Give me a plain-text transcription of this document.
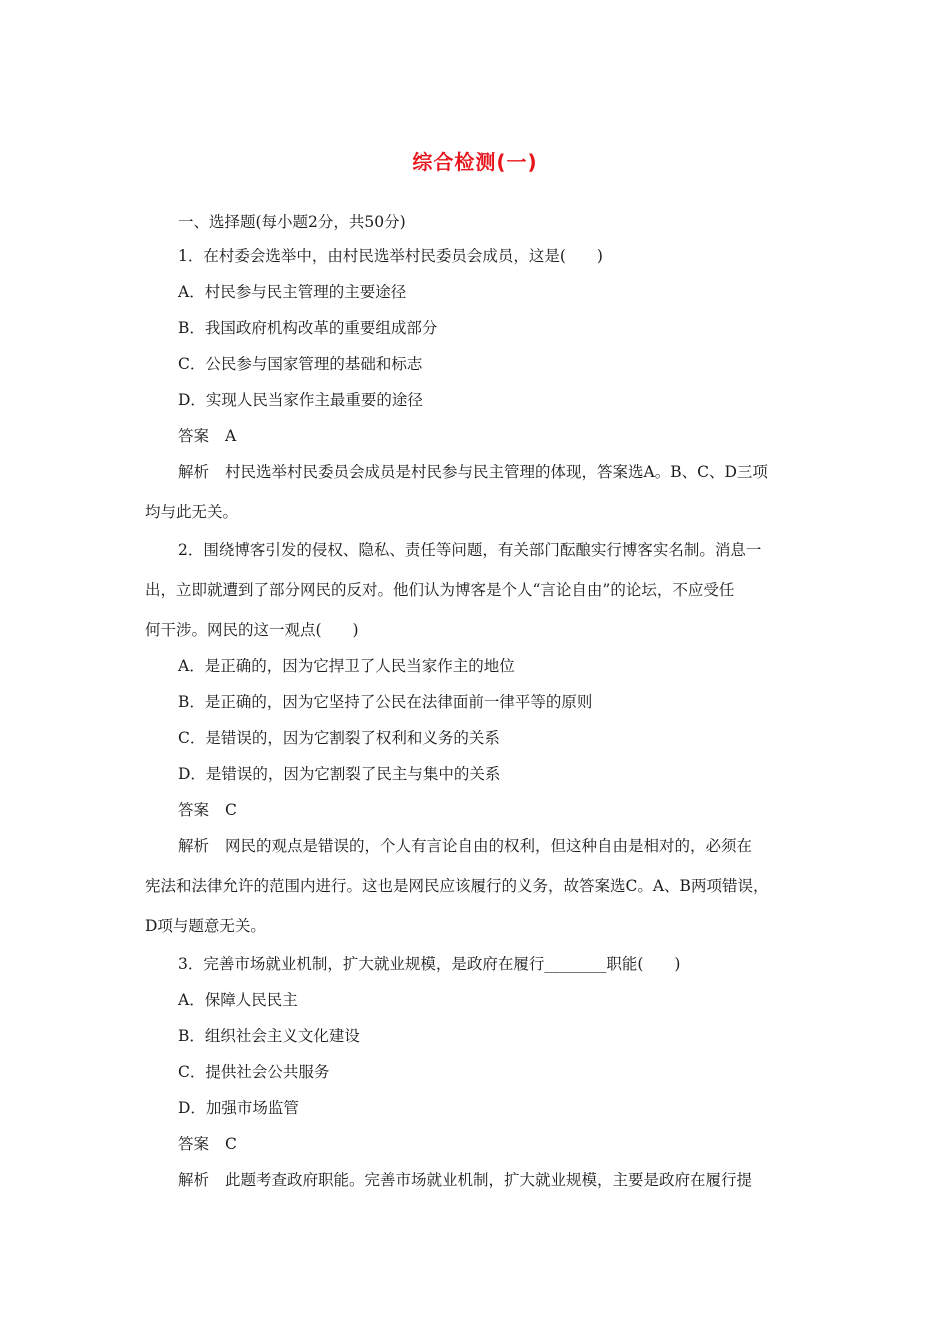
综合检测(一)
一、选择题(每小题2分，共50分)
1．在村委会选举中，由村民选举村民委员会成员，这是(　　)
A．村民参与民主管理的主要途径
B．我国政府机构改革的重要组成部分
C．公民参与国家管理的基础和标志
D．实现人民当家作主最重要的途径
答案 A
解析 村民选举村民委员会成员是村民参与民主管理的体现，答案选A。B、C、D三项
均与此无关。
2．围绕博客引发的侵权、隐私、责任等问题，有关部门酝酿实行博客实名制。消息一
出，立即就遭到了部分网民的反对。他们认为博客是个人“言论自由”的论坛，不应受任
何干涉。网民的这一观点(　　)
A．是正确的，因为它捍卫了人民当家作主的地位
B．是正确的，因为它坚持了公民在法律面前一律平等的原则
C．是错误的，因为它割裂了权利和义务的关系
D．是错误的，因为它割裂了民主与集中的关系
答案 C
解析 网民的观点是错误的，个人有言论自由的权利，但这种自由是相对的，必须在
宪法和法律允许的范围内进行。这也是网民应该履行的义务，故答案选C。A、B两项错误，
D项与题意无关。
3．完善市场就业机制，扩大就业规模，是政府在履行________职能(　　)
A．保障人民民主
B．组织社会主义文化建设
C．提供社会公共服务
D．加强市场监管
答案 C
解析 此题考查政府职能。完善市场就业机制，扩大就业规模，主要是政府在履行提
